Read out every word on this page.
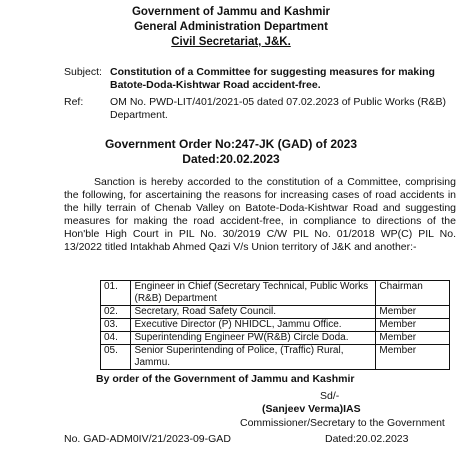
Government of Jammu and Kashmir
General Administration Department
Civil Secretariat, J&K.
Subject: Constitution of a Committee for suggesting measures for making Batote-Doda-Kishtwar Road accident-free.
Ref:	OM No. PWD-LIT/401/2021-05 dated 07.02.2023 of Public Works (R&B) Department.
Government Order No:247-JK (GAD) of 2023
Dated:20.02.2023
Sanction is hereby accorded to the constitution of a Committee, comprising the following, for ascertaining the reasons for increasing cases of road accidents in the hilly terrain of Chenab Valley on Batote-Doda-Kishtwar Road and suggesting measures for making the road accident-free, in compliance to directions of the Hon'ble High Court in PIL No. 30/2019 C/W PIL No. 01/2018 WP(C) PIL No. 13/2022 titled Intakhab Ahmed Qazi V/s Union territory of J&K and another:-
01.	Engineer in Chief (Secretary Technical, Public Works (R&B) Department	Chairman
02.	Secretary, Road Safety Council.	Member
03.	Executive Director (P) NHIDCL, Jammu Office.	Member
04.	Superintending Engineer PW(R&B) Circle Doda.	Member
05.	Senior Superintending of Police, (Traffic) Rural, Jammu.	Member
By order of the Government of Jammu and Kashmir
Sd/-
(Sanjeev Verma)IAS
Commissioner/Secretary to the Government
No. GAD-ADM0IV/21/2023-09-GAD	Dated:20.02.2023
